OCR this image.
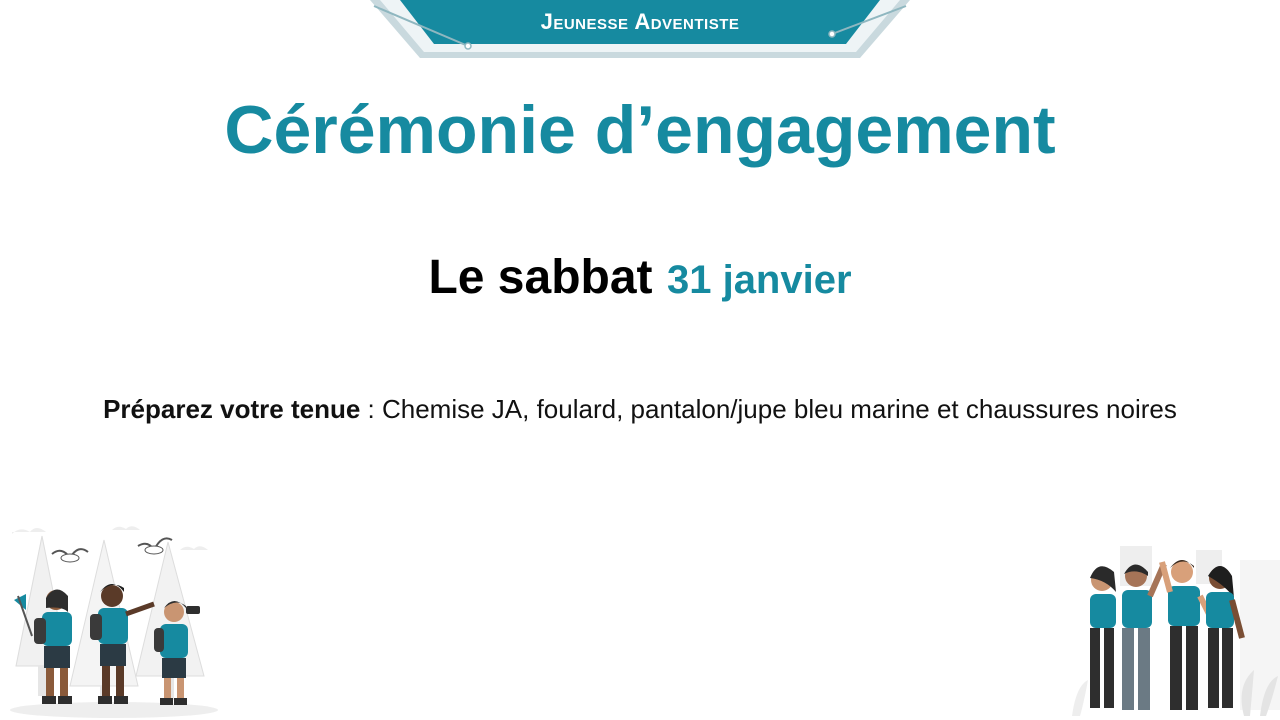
Jeunesse Adventiste
Cérémonie d’engagement
Le sabbat 31 janvier
Préparez votre tenue : Chemise JA, foulard, pantalon/jupe bleu marine et chaussures noires
